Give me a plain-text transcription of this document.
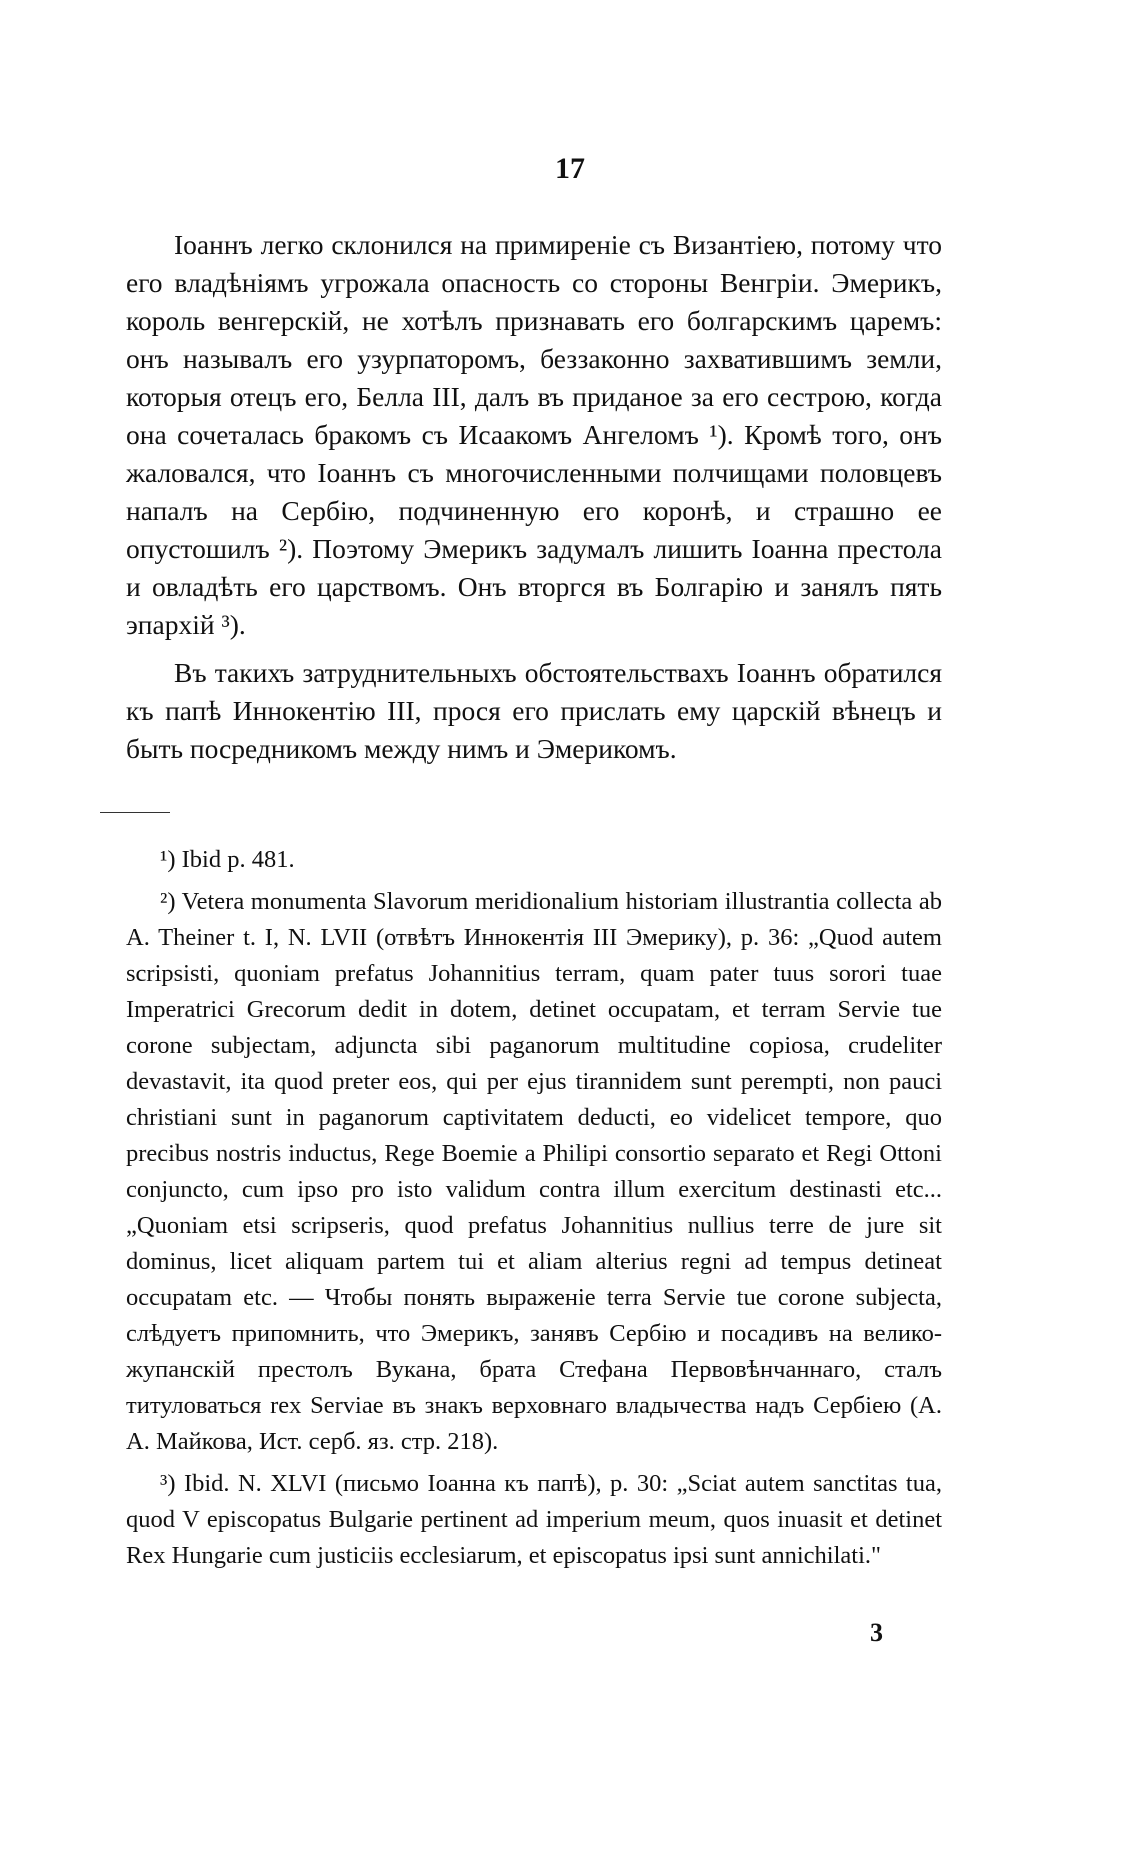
17

Іоаннъ легко склонился на примиреніе съ Византіею, потому что его владѣніямъ угрожала опасность со стороны Венгріи. Эмерикъ, король венгерскій, не хотѣлъ признавать его болгарскимъ царемъ: онъ называлъ его узурпаторомъ, беззаконно захватившимъ земли, которыя отецъ его, Белла III, далъ въ приданое за его сестрою, когда она сочеталась бракомъ съ Исаакомъ Ангеломъ ¹). Кромѣ того, онъ жаловался, что Іоаннъ съ многочисленными полчищами половцевъ напалъ на Сербію, подчиненную его коронѣ, и страшно ее опустошилъ ²). Поэтому Эмерикъ задумалъ лишить Іоанна престола и овладѣть его царствомъ. Онъ вторгся въ Болгарію и занялъ пять эпархій ³).

Въ такихъ затруднительныхъ обстоятельствахъ Іоаннъ обратился къ папѣ Иннокентію III, прося его прислать ему царскій вѣнецъ и быть посредникомъ между нимъ и Эмерикомъ.

¹) Ibid p. 481.

²) Vetera monumenta Slavorum meridionalium historiam illustrantia collecta ab A. Theiner t. I, N. LVII (отвѣтъ Иннокентія III Эмерику), p. 36: „Quod autem scripsisti, quoniam prefatus Johannitius terram, quam pater tuus sorori tuae Imperatrici Grecorum dedit in dotem, detinet occupatam, et terram Servie tue corone subjectam, adjuncta sibi paganorum multitudine copiosa, crudeliter devastavit, ita quod preter eos, qui per ejus tirannidem sunt perempti, non pauci christiani sunt in paganorum captivitatem deducti, eo videlicet tempore, quo precibus nostris inductus, Rege Boemie a Philipi consortio separato et Regi Ottoni conjuncto, cum ipso pro isto validum contra illum exercitum destinasti etc... „Quoniam etsi scripseris, quod prefatus Johannitius nullius terre de jure sit dominus, licet aliquam partem tui et aliam alterius regni ad tempus detineat occupatam etc. — Чтобы понять выраженіе terra Servie tue corone subjecta, слѣдуетъ припомнить, что Эмерикъ, занявъ Сербію и посадивъ на велико-жупанскій престолъ Вукана, брата Стефана Первовѣнчаннаго, сталъ титуловаться rex Serviae въ знакъ верховнаго владычества надъ Сербіею (А. А. Майкова, Ист. серб. яз. стр. 218).

³) Ibid. N. XLVI (письмо Іоанна къ папѣ), p. 30: „Sciat autem sanctitas tua, quod V episcopatus Bulgarie pertinent ad imperium meum, quos inuasit et detinet Rex Hungarie cum justiciis ecclesiarum, et episcopatus ipsi sunt annichilati."

3
